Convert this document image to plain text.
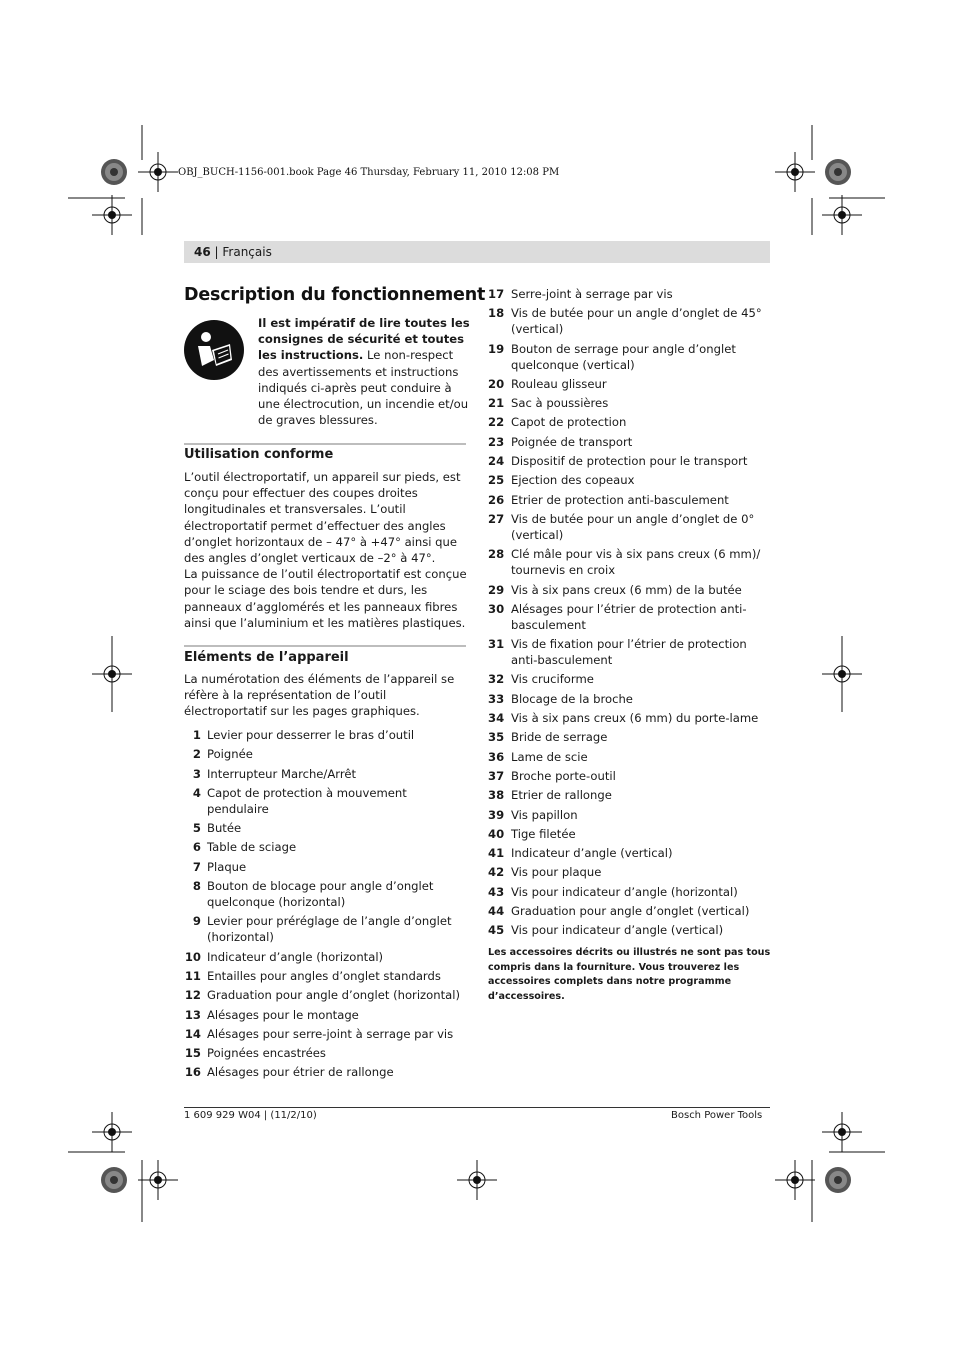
OBJ_BUCH-1156-001.book Page 46 Thursday, February 11, 2010 12:08 PM
46 | Français
Description du fonctionnement
Il est impératif de lire toutes les consignes de sécurité et toutes les instructions. Le non-respect des avertissements et instructions indiqués ci-après peut conduire à une électrocution, un incendie et/ou de graves blessures.
Utilisation conforme
L’outil électroportatif, un appareil sur pieds, est conçu pour effectuer des coupes droites longitudinales et transversales. L’outil électroportatif permet d’effectuer des angles d’onglet horizontaux de – 47° à +47° ainsi que des angles d’onglet verticaux de –2° à 47°.
La puissance de l’outil électroportatif est conçue pour le sciage des bois tendre et durs, les panneaux d’agglomérés et les panneaux fibres ainsi que l’aluminium et les matières plastiques.
Eléments de l’appareil
La numérotation des éléments de l’appareil se réfère à la représentation de l’outil électroportatif sur les pages graphiques.
1 Levier pour desserrer le bras d’outil
2 Poignée
3 Interrupteur Marche/Arrêt
4 Capot de protection à mouvement pendulaire
5 Butée
6 Table de sciage
7 Plaque
8 Bouton de blocage pour angle d’onglet quelconque (horizontal)
9 Levier pour préréglage de l’angle d’onglet (horizontal)
10 Indicateur d’angle (horizontal)
11 Entailles pour angles d’onglet standards
12 Graduation pour angle d’onglet (horizontal)
13 Alésages pour le montage
14 Alésages pour serre-joint à serrage par vis
15 Poignées encastrées
16 Alésages pour étrier de rallonge
17 Serre-joint à serrage par vis
18 Vis de butée pour un angle d’onglet de 45° (vertical)
19 Bouton de serrage pour angle d’onglet quelconque (vertical)
20 Rouleau glisseur
21 Sac à poussières
22 Capot de protection
23 Poignée de transport
24 Dispositif de protection pour le transport
25 Ejection des copeaux
26 Etrier de protection anti-basculement
27 Vis de butée pour un angle d’onglet de 0° (vertical)
28 Clé mâle pour vis à six pans creux (6 mm)/ tournevis en croix
29 Vis à six pans creux (6 mm) de la butée
30 Alésages pour l’étrier de protection anti-basculement
31 Vis de fixation pour l’étrier de protection anti-basculement
32 Vis cruciforme
33 Blocage de la broche
34 Vis à six pans creux (6 mm) du porte-lame
35 Bride de serrage
36 Lame de scie
37 Broche porte-outil
38 Etrier de rallonge
39 Vis papillon
40 Tige filetée
41 Indicateur d’angle (vertical)
42 Vis pour plaque
43 Vis pour indicateur d’angle (horizontal)
44 Graduation pour angle d’onglet (vertical)
45 Vis pour indicateur d’angle (vertical)
Les accessoires décrits ou illustrés ne sont pas tous compris dans la fourniture. Vous trouverez les accessoires complets dans notre programme d’accessoires.
1 609 929 W04 | (11/2/10)	Bosch Power Tools
